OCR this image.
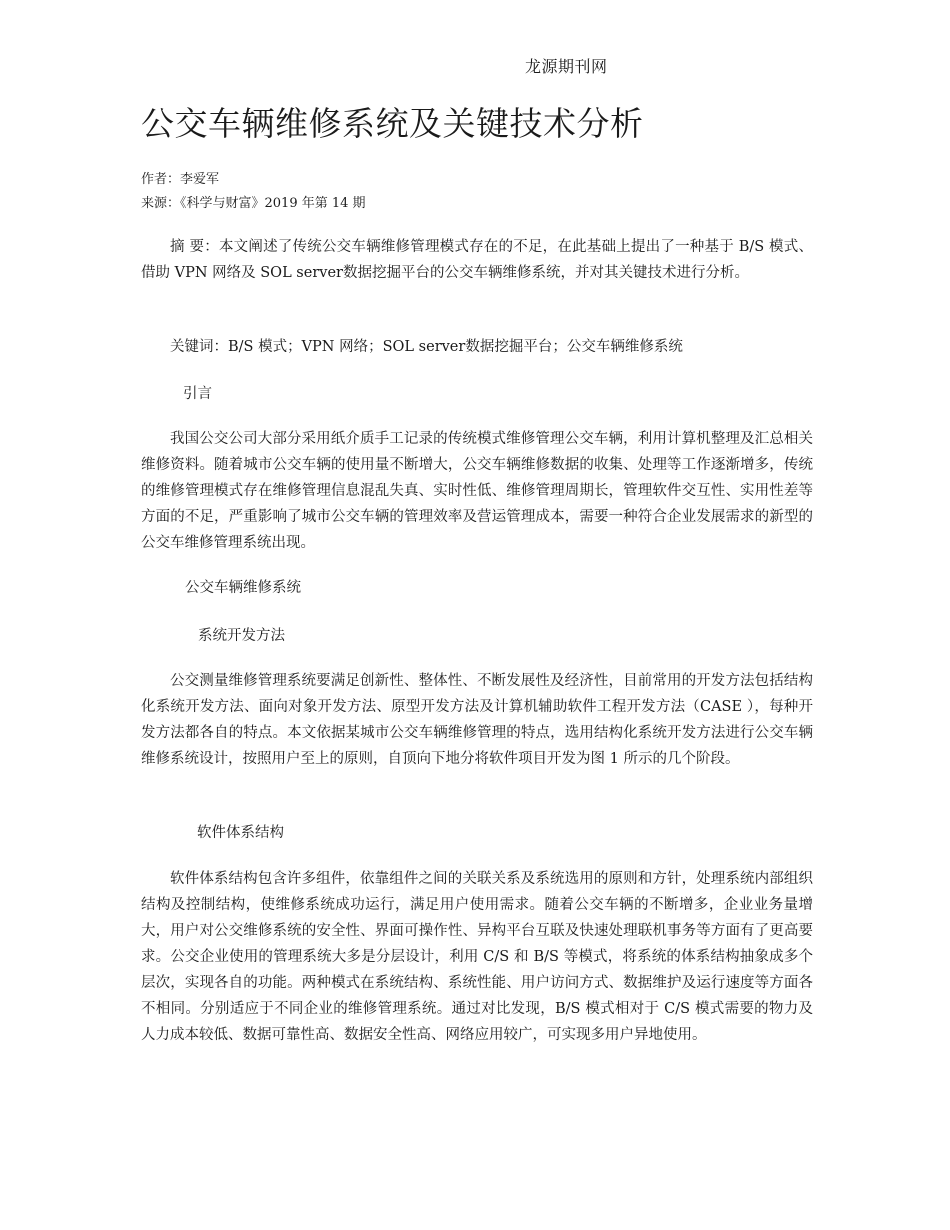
龙源期刊网
公交车辆维修系统及关键技术分析
作者：李爱军
来源：《科学与财富》2019 年第 14 期
摘 要：本文阐述了传统公交车辆维修管理模式存在的不足，在此基础上提出了一种基于 B/S 模式、借助 VPN 网络及 SOL server数据挖掘平台的公交车辆维修系统，并对其关键技术进行分析。
关键词：B/S 模式；VPN 网络；SOL server数据挖掘平台；公交车辆维修系统
引言
我国公交公司大部分采用纸介质手工记录的传统模式维修管理公交车辆，利用计算机整理及汇总相关维修资料。随着城市公交车辆的使用量不断增大，公交车辆维修数据的收集、处理等工作逐渐增多，传统的维修管理模式存在维修管理信息混乱失真、实时性低、维修管理周期长，管理软件交互性、实用性差等方面的不足，严重影响了城市公交车辆的管理效率及营运管理成本，需要一种符合企业发展需求的新型的公交车维修管理系统出现。
公交车辆维修系统
系统开发方法
公交测量维修管理系统要满足创新性、整体性、不断发展性及经济性，目前常用的开发方法包括结构化系统开发方法、面向对象开发方法、原型开发方法及计算机辅助软件工程开发方法（CASE ），每种开发方法都各自的特点。本文依据某城市公交车辆维修管理的特点，选用结构化系统开发方法进行公交车辆维修系统设计，按照用户至上的原则，自顶向下地分将软件项目开发为图 1 所示的几个阶段。
软件体系结构
软件体系结构包含许多组件，依靠组件之间的关联关系及系统选用的原则和方针，处理系统内部组织结构及控制结构，使维修系统成功运行，满足用户使用需求。随着公交车辆的不断增多，企业业务量增大，用户对公交维修系统的安全性、界面可操作性、异构平台互联及快速处理联机事务等方面有了更高要求。公交企业使用的管理系统大多是分层设计，利用 C/S 和 B/S 等模式，将系统的体系结构抽象成多个层次，实现各自的功能。两种模式在系统结构、系统性能、用户访问方式、数据维护及运行速度等方面各不相同。分别适应于不同企业的维修管理系统。通过对比发现，B/S 模式相对于 C/S 模式需要的物力及人力成本较低、数据可靠性高、数据安全性高、网络应用较广，可实现多用户异地使用。
